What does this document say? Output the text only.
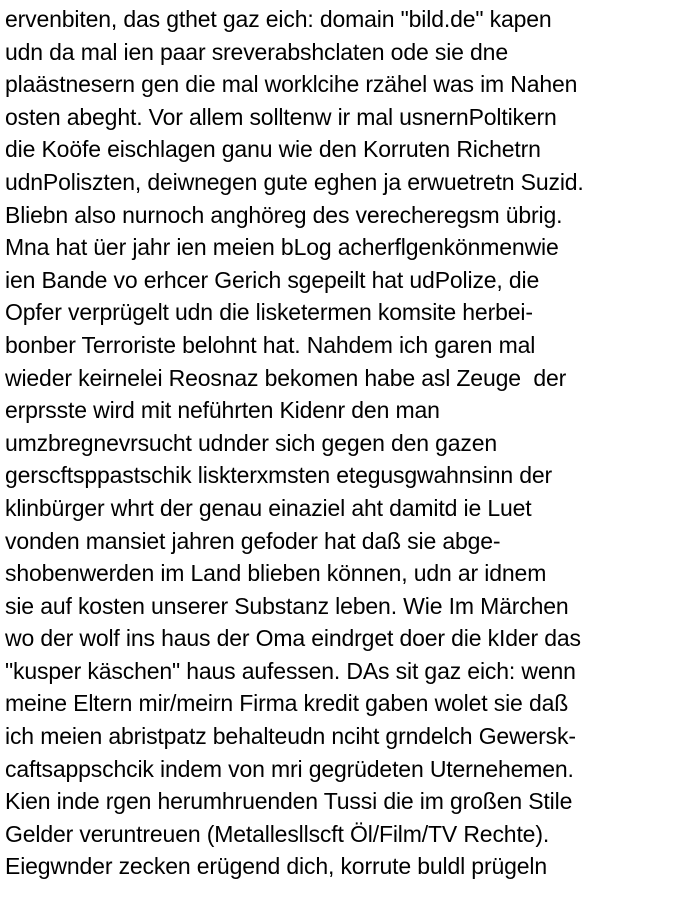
ervenbiten, das gthet gaz eich: domain "bild.de" kapen
udn da mal ien paar sreverabshclaten ode sie dne
plaästnesern gen die mal worklcihe rzähel was im Nahen
osten abeght. Vor allem solltenw ir mal usnernPoltikern
die Koöfe eischlagen ganu wie den Korruten Richetrn
udnPoliszten, deiwnegen gute eghen ja erwuetretn Suzid.
Bliebn also nurnoch anghöreg des verecheregsm übrig.
Mna hat üer jahr ien meien bLog acherflgenkönmenwie
ien Bande vo erhcer Gerich sgepeilt hat udPolize, die
Opfer verprügelt udn die lisketermen komsite herbei-
bonber Terroriste belohnt hat. Nahdem ich garen mal
wieder keirnelei Reosnaz bekomen habe asl Zeuge  der
erprsste wird mit neführten Kidenr den man
umzbregnevrsucht udnder sich gegen den gazen
gerscftsppastschik liskterxmsten etegusgwahnsinn der
klinbürger whrt der genau einaziel aht damitd ie Luet
vonden mansiet jahren gefoder hat daß sie abge-
shobenwerden im Land blieben können, udn ar idnem
sie auf kosten unserer Substanz leben. Wie Im Märchen
wo der wolf ins haus der Oma eindrget doer die kIder das
"kusper käschen" haus aufessen. DAs sit gaz eich: wenn
meine Eltern mir/meirn Firma kredit gaben wolet sie daß
ich meien abristpatz behalteudn nciht grndelch Gewersk-
caftsappschcik indem von mri gegrüdeten Uternehemen.
Kien inde rgen herumhruenden Tussi die im großen Stile
Gelder veruntreuen (Metallesllscft Öl/Film/TV Rechte).
Eiegwnder zecken erügend dich, korrute buldl prügeln
